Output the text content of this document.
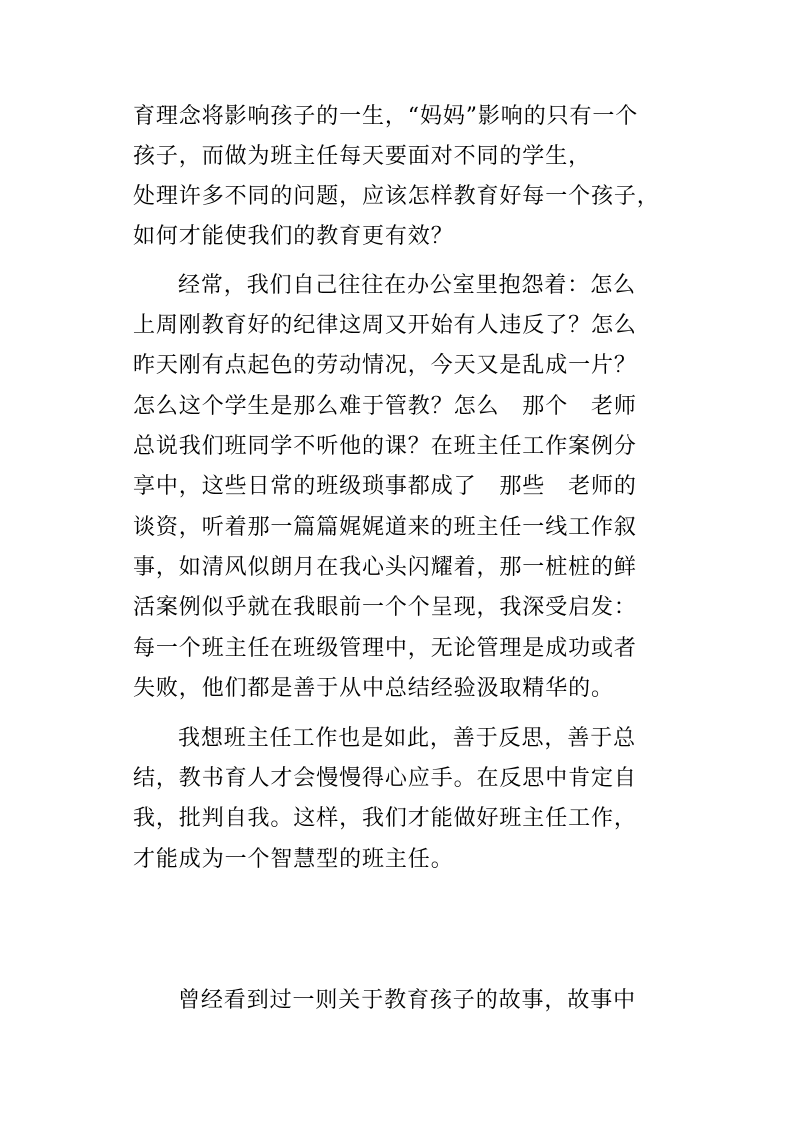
育理念将影响孩子的一生，“妈妈”影响的只有一个
孩子，而做为班主任每天要面对不同的学生，
处理许多不同的问题，应该怎样教育好每一个孩子，
如何才能使我们的教育更有效？
经常，我们自己往往在办公室里抱怨着：怎么
上周刚教育好的纪律这周又开始有人违反了？怎么
昨天刚有点起色的劳动情况，今天又是乱成一片？
怎么这个学生是那么难于管教？怎么　那个　老师
总说我们班同学不听他的课？在班主任工作案例分
享中，这些日常的班级琐事都成了　那些　老师的
谈资，听着那一篇篇娓娓道来的班主任一线工作叙
事，如清风似朗月在我心头闪耀着，那一桩桩的鲜
活案例似乎就在我眼前一个个呈现，我深受启发：
每一个班主任在班级管理中，无论管理是成功或者
失败，他们都是善于从中总结经验汲取精华的。
我想班主任工作也是如此，善于反思，善于总
结，教书育人才会慢慢得心应手。在反思中肯定自
我，批判自我。这样，我们才能做好班主任工作，
才能成为一个智慧型的班主任。
曾经看到过一则关于教育孩子的故事，故事中
